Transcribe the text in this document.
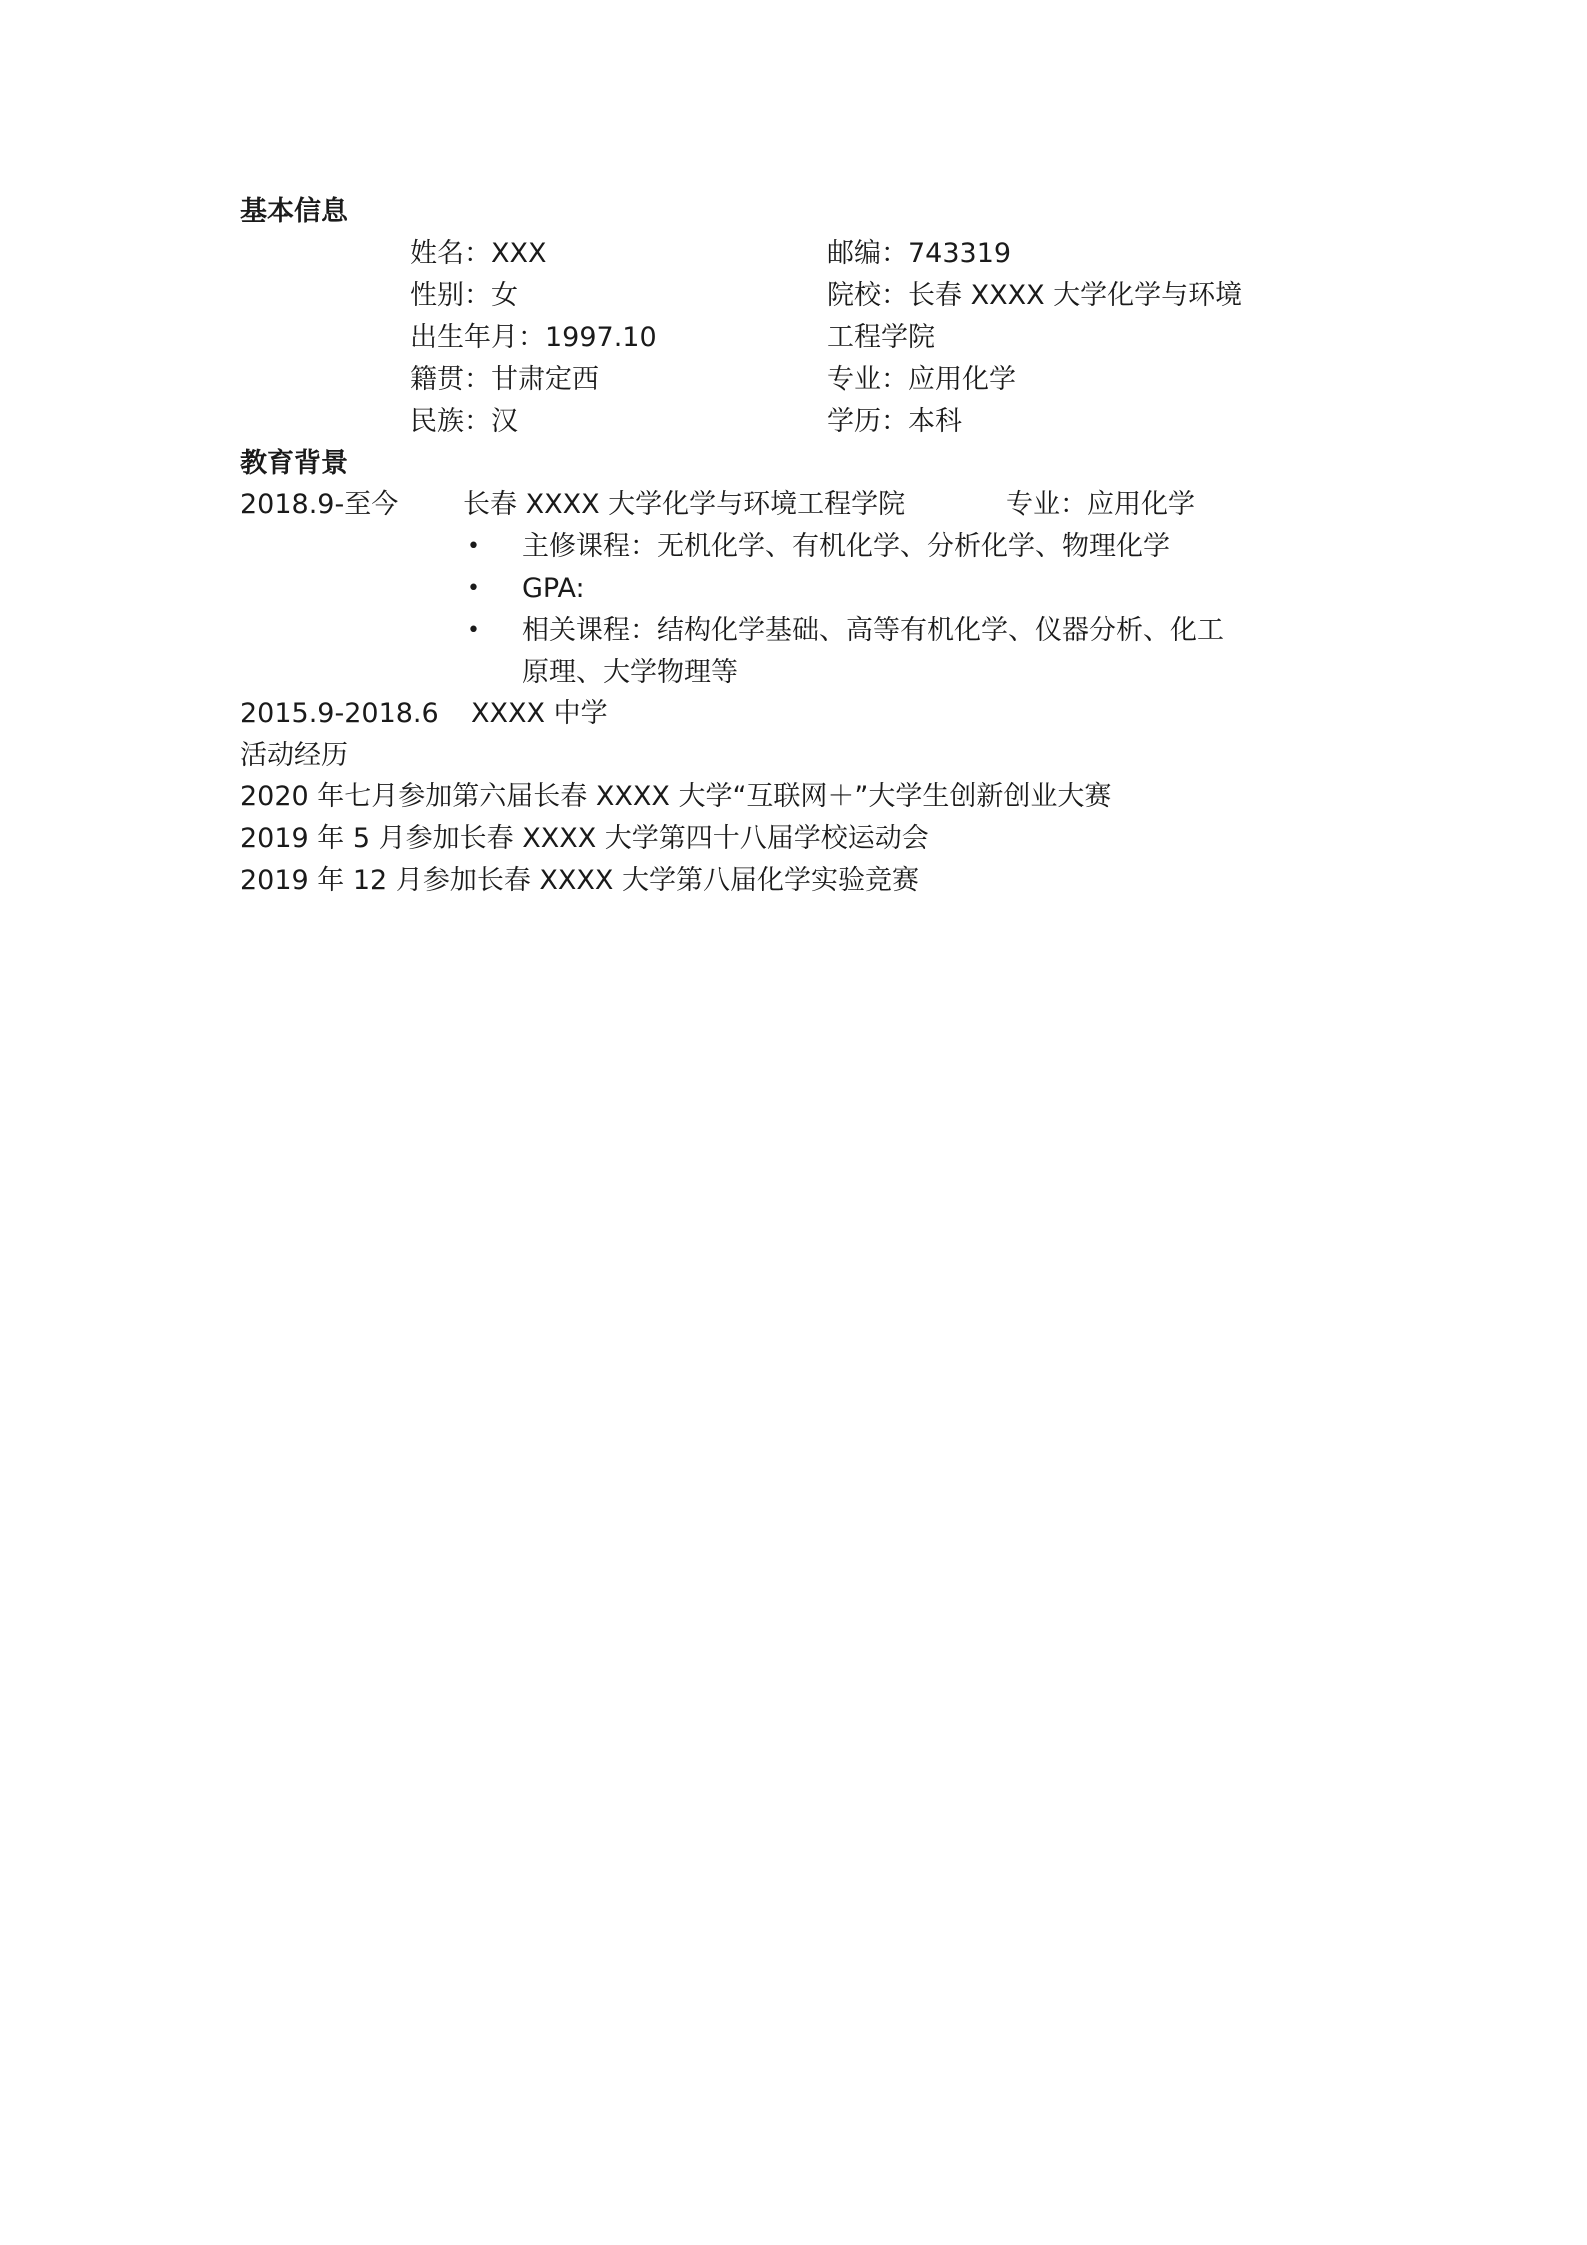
基本信息
姓名：XXX	邮编：743319
性别：女	院校：长春 XXXX 大学化学与环境
出生年月：1997.10	工程学院
籍贯：甘肃定西	专业：应用化学
民族：汉	学历：本科
教育背景
2018.9-至今 长春 XXXX 大学化学与环境工程学院	专业：应用化学
• 主修课程：无机化学、有机化学、分析化学、物理化学
• GPA:
• 相关课程：结构化学基础、高等有机化学、仪器分析、化工
原理、大学物理等
2015.9-2018.6 XXXX 中学
活动经历
2020 年七月参加第六届长春 XXXX 大学“互联网＋”大学生创新创业大赛
2019 年 5 月参加长春 XXXX 大学第四十八届学校运动会
2019 年 12 月参加长春 XXXX 大学第八届化学实验竞赛
